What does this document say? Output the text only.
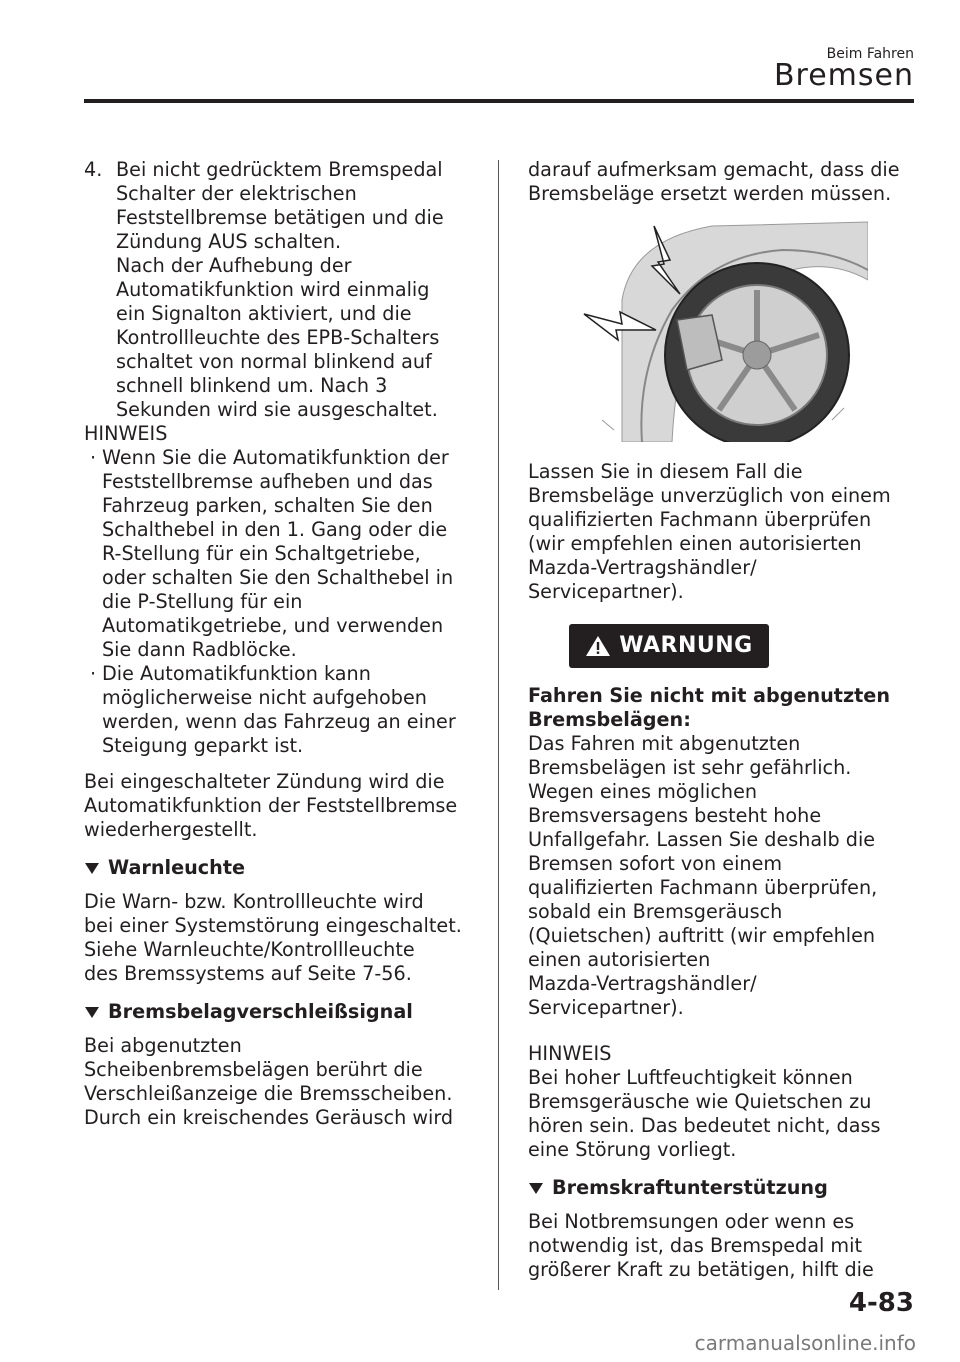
Beim Fahren
Bremsen
4. Bei nicht gedrücktem Bremspedal

Schalter der elektrischen

Feststellbremse betätigen und die

Zündung AUS schalten.

Nach der Aufhebung der

Automatikfunktion wird einmalig

ein Signalton aktiviert, und die

Kontrollleuchte des EPB-Schalters

schaltet von normal blinkend auf

schnell blinkend um. Nach 3

Sekunden wird sie ausgeschaltet.

HINWEIS

· Wenn Sie die Automatikfunktion der

Feststellbremse aufheben und das

Fahrzeug parken, schalten Sie den

Schalthebel in den 1. Gang oder die

R-Stellung für ein Schaltgetriebe,

oder schalten Sie den Schalthebel in

die P-Stellung für ein

Automatikgetriebe, und verwenden

Sie dann Radblöcke.

· Die Automatikfunktion kann

möglicherweise nicht aufgehoben

werden, wenn das Fahrzeug an einer

Steigung geparkt ist.

Bei eingeschalteter Zündung wird die

Automatikfunktion der Feststellbremse

wiederhergestellt.

Warnleuchte

Die Warn- bzw. Kontrollleuchte wird

bei einer Systemstörung eingeschaltet.

Siehe Warnleuchte/Kontrollleuchte

des Bremssystems auf Seite 7-56.

Bremsbelagverschleißsignal

Bei abgenutzten

Scheibenbremsbelägen berührt die

Verschleißanzeige die Bremsscheiben.

Durch ein kreischendes Geräusch wird

darauf aufmerksam gemacht, dass die

Bremsbeläge ersetzt werden müssen.

Lassen Sie in diesem Fall die

Bremsbeläge unverzüglich von einem

qualifizierten Fachmann überprüfen

(wir empfehlen einen autorisierten

Mazda-Vertragshändler/

Servicepartner).

WARNUNG

Fahren Sie nicht mit abgenutzten

Bremsbelägen:

Das Fahren mit abgenutzten

Bremsbelägen ist sehr gefährlich.

Wegen eines möglichen

Bremsversagens besteht hohe

Unfallgefahr. Lassen Sie deshalb die

Bremsen sofort von einem

qualifizierten Fachmann überprüfen,

sobald ein Bremsgeräusch

(Quietschen) auftritt (wir empfehlen

einen autorisierten

Mazda-Vertragshändler/

Servicepartner).

HINWEIS

Bei hoher Luftfeuchtigkeit können

Bremsgeräusche wie Quietschen zu

hören sein. Das bedeutet nicht, dass

eine Störung vorliegt.

Bremskraftunterstützung

Bei Notbremsungen oder wenn es

notwendig ist, das Bremspedal mit

größerer Kraft zu betätigen, hilft die

4-83
carmanualsonline.info
